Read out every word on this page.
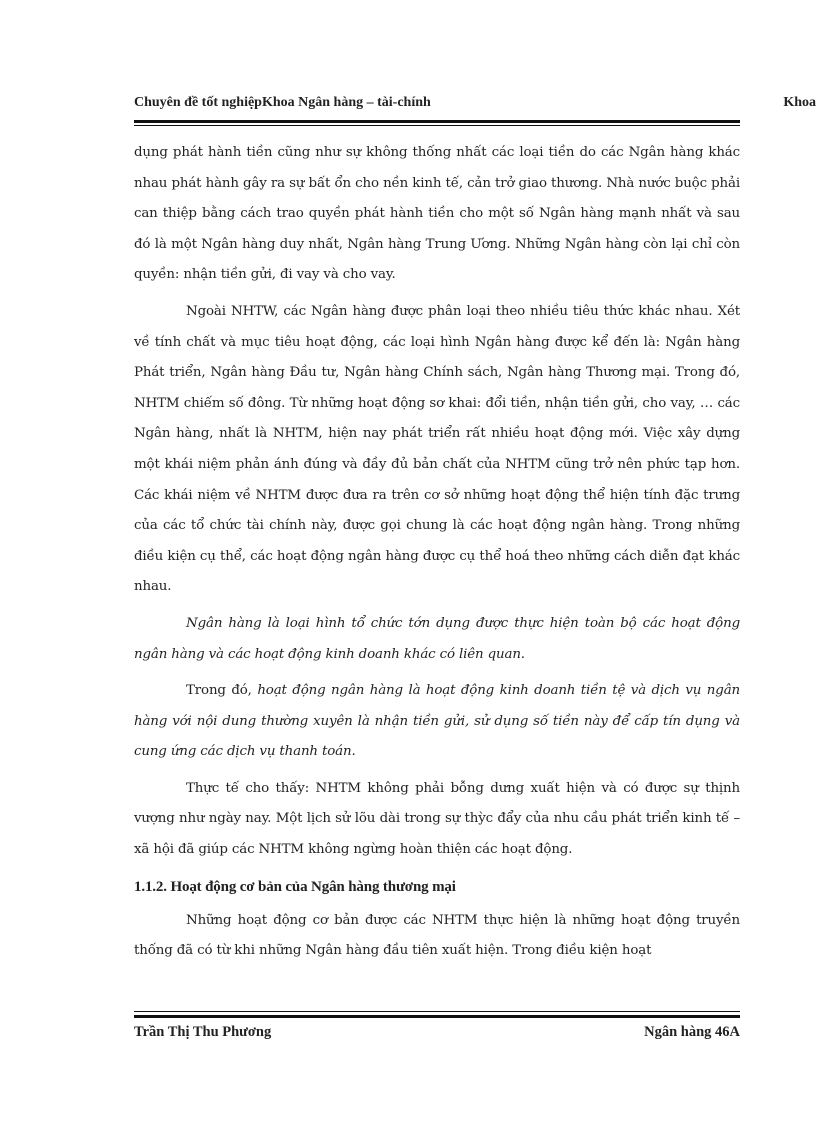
Chuyên đề tốt nghiệpKhoa Ngân hàng – tài-chính	Khoa

dụng phát hành tiền cũng như sự không thống nhất các loại tiền do các Ngân hàng khác nhau phát hành gây ra sự bất ổn cho nền kinh tế, cản trở giao thương. Nhà nước buộc phải can thiệp bằng cách trao quyền phát hành tiền cho một số Ngân hàng mạnh nhất và sau đó là một Ngân hàng duy nhất, Ngân hàng Trung Ương. Những Ngân hàng còn lại chỉ còn quyền: nhận tiền gửi, đi vay và cho vay.

Ngoài NHTW, các Ngân hàng được phân loại theo nhiều tiêu thức khác nhau. Xét về tính chất và mục tiêu hoạt động, các loại hình Ngân hàng được kể đến là: Ngân hàng Phát triển, Ngân hàng Đầu tư, Ngân hàng Chính sách, Ngân hàng Thương mại. Trong đó, NHTM chiếm số đông. Từ những hoạt động sơ khai: đổi tiền, nhận tiền gửi, cho vay, … các Ngân hàng, nhất là NHTM, hiện nay phát triển rất nhiều hoạt động mới. Việc xây dựng một khái niệm phản ánh đúng và đầy đủ bản chất của NHTM cũng trở nên phức tạp hơn. Các khái niệm về NHTM được đưa ra trên cơ sở những hoạt động thể hiện tính đặc trưng của các tổ chức tài chính này, được gọi chung là các hoạt động ngân hàng. Trong những điều kiện cụ thể, các hoạt động ngân hàng được cụ thể hoá theo những cách diễn đạt khác nhau.

Ngân hàng là loại hình tổ chức tớn dụng được thực hiện toàn bộ các hoạt động ngân hàng và các hoạt động kinh doanh khác có liên quan.

Trong đó, hoạt động ngân hàng là hoạt động kinh doanh tiền tệ và dịch vụ ngân hàng với nội dung thường xuyên là nhận tiền gửi, sử dụng số tiền này để cấp tín dụng và cung ứng các dịch vụ thanh toán.

Thực tế cho thấy: NHTM không phải bỗng dưng xuất hiện và có được sự thịnh vượng như ngày nay. Một lịch sử lõu dài trong sự thỳc đẩy của nhu cầu phát triển kinh tế – xã hội đã giúp các NHTM không ngừng hoàn thiện các hoạt động.

1.1.2. Hoạt động cơ bản của Ngân hàng thương mại

Những hoạt động cơ bản được các NHTM thực hiện là những hoạt động truyền thống đã có từ khi những Ngân hàng đầu tiên xuất hiện. Trong điều kiện hoạt

Trần Thị Thu Phương	Ngân hàng 46A
